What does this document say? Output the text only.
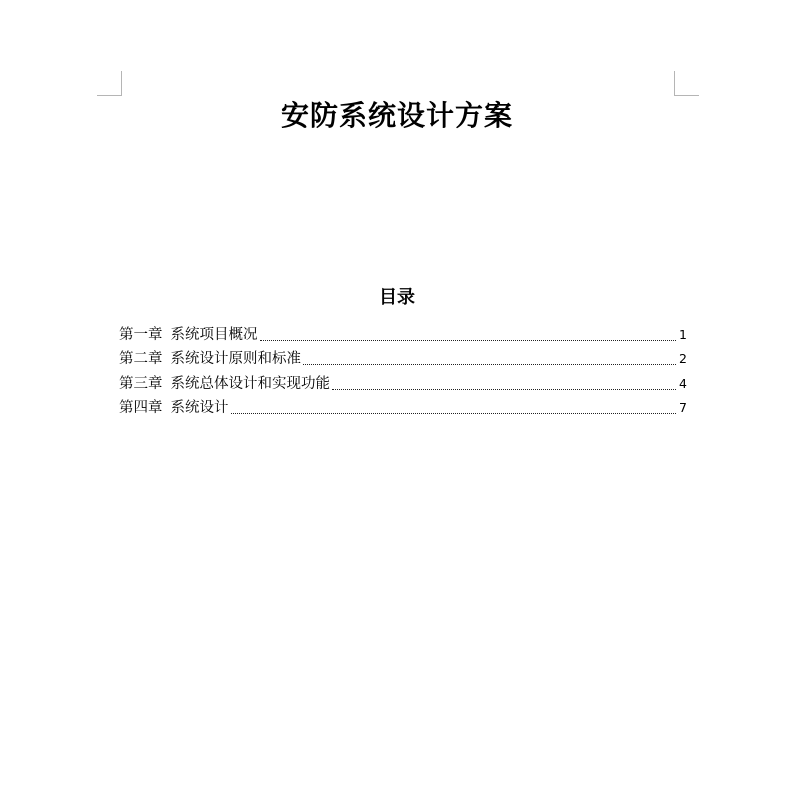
安防系统设计方案
目录
第一章 系统项目概况	1
第二章 系统设计原则和标准	2
第三章 系统总体设计和实现功能	4
第四章 系统设计	7
